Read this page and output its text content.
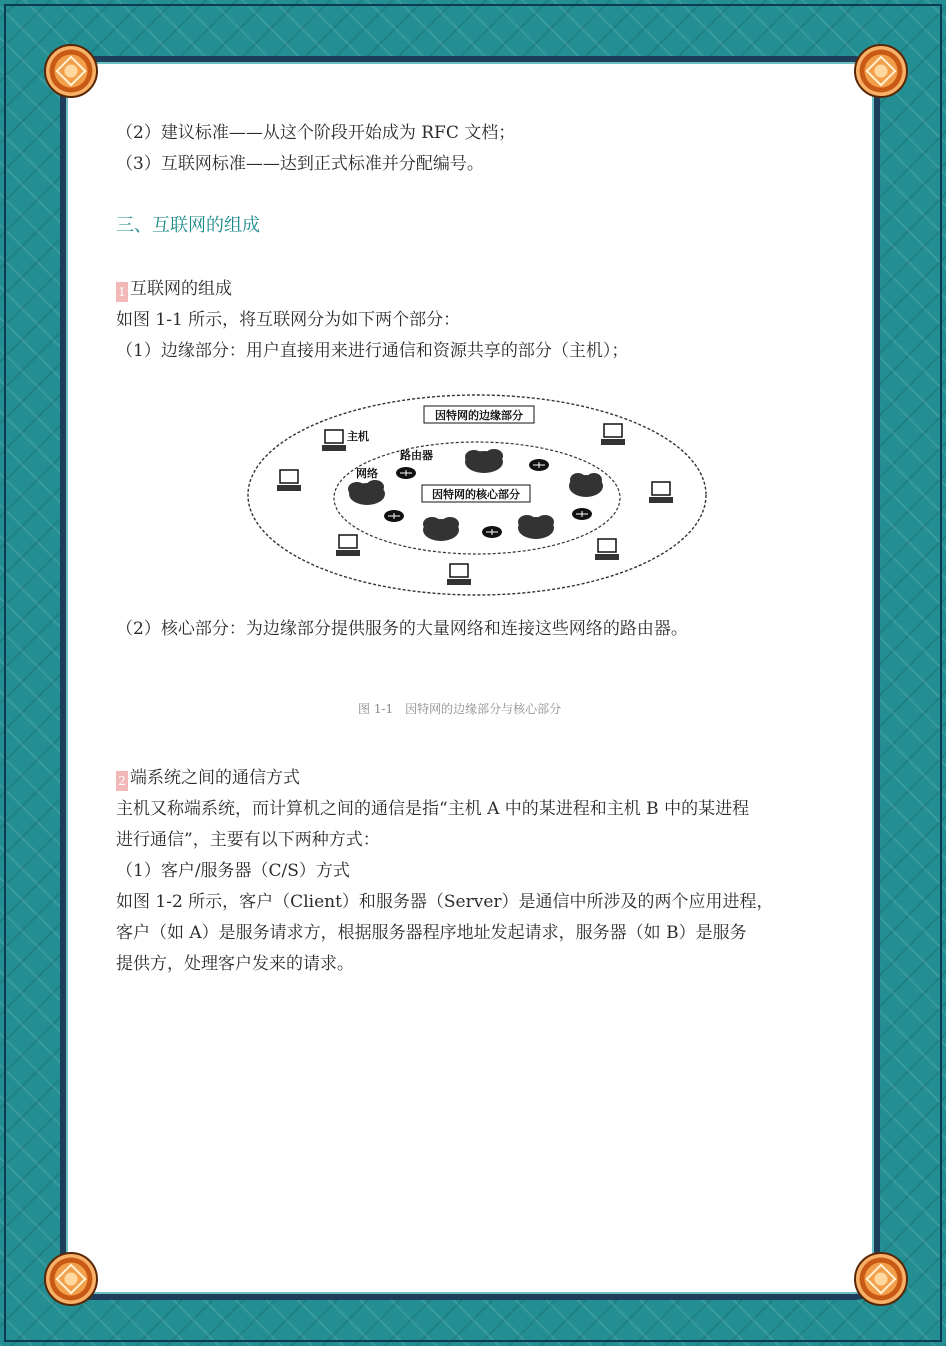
（2）建议标准——从这个阶段开始成为 RFC 文档；
（3）互联网标准——达到正式标准并分配编号。
三、互联网的组成
1 互联网的组成
如图 1-1 所示，将互联网分为如下两个部分：
（1）边缘部分：用户直接用来进行通信和资源共享的部分（主机）；
（2）核心部分：为边缘部分提供服务的大量网络和连接这些网络的路由器。
2 端系统之间的通信方式
主机又称端系统，而计算机之间的通信是指“主机 A 中的某进程和主机 B 中的某进程
进行通信”，主要有以下两种方式：
（1）客户/服务器（C/S）方式
如图 1-2 所示，客户（Client）和服务器（Server）是通信中所涉及的两个应用进程，
客户（如 A）是服务请求方，根据服务器程序地址发起请求，服务器（如 B）是服务
提供方，处理客户发来的请求。
图 1-1　因特网的边缘部分与核心部分
因特网的边缘部分
因特网的核心部分
主机
路由器
网络
